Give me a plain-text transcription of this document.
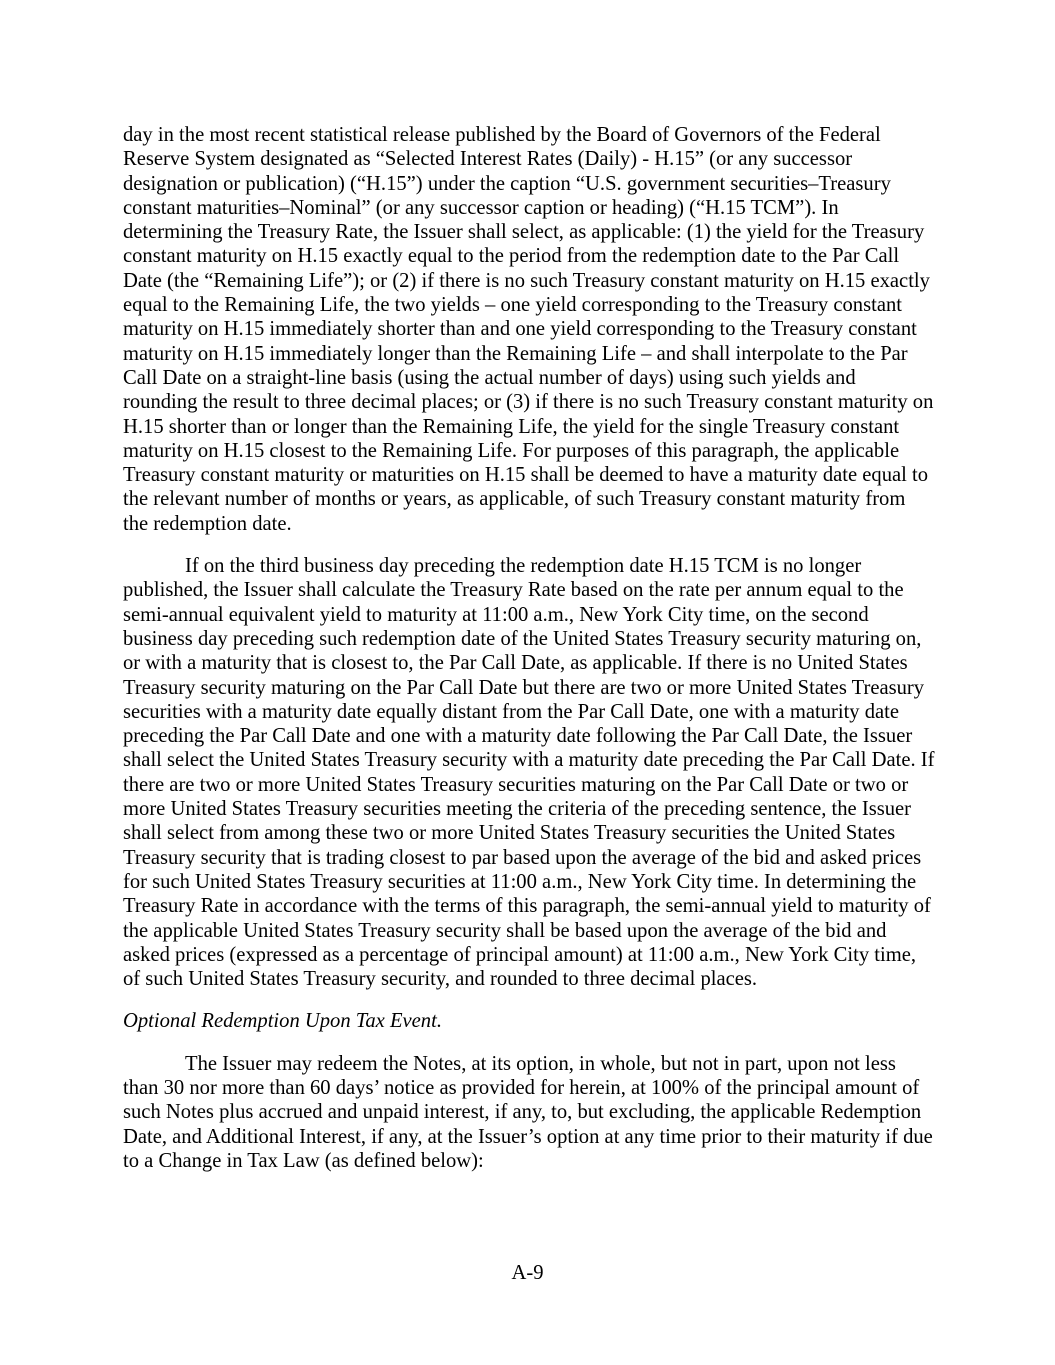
day in the most recent statistical release published by the Board of Governors of the Federal Reserve System designated as “Selected Interest Rates (Daily) - H.15” (or any successor designation or publication) (“H.15”) under the caption “U.S. government securities–Treasury constant maturities–Nominal” (or any successor caption or heading) (“H.15 TCM”). In determining the Treasury Rate, the Issuer shall select, as applicable: (1) the yield for the Treasury constant maturity on H.15 exactly equal to the period from the redemption date to the Par Call Date (the “Remaining Life”); or (2) if there is no such Treasury constant maturity on H.15 exactly equal to the Remaining Life, the two yields – one yield corresponding to the Treasury constant maturity on H.15 immediately shorter than and one yield corresponding to the Treasury constant maturity on H.15 immediately longer than the Remaining Life – and shall interpolate to the Par Call Date on a straight-line basis (using the actual number of days) using such yields and rounding the result to three decimal places; or (3) if there is no such Treasury constant maturity on H.15 shorter than or longer than the Remaining Life, the yield for the single Treasury constant maturity on H.15 closest to the Remaining Life. For purposes of this paragraph, the applicable Treasury constant maturity or maturities on H.15 shall be deemed to have a maturity date equal to the relevant number of months or years, as applicable, of such Treasury constant maturity from the redemption date.

If on the third business day preceding the redemption date H.15 TCM is no longer published, the Issuer shall calculate the Treasury Rate based on the rate per annum equal to the semi-annual equivalent yield to maturity at 11:00 a.m., New York City time, on the second business day preceding such redemption date of the United States Treasury security maturing on, or with a maturity that is closest to, the Par Call Date, as applicable. If there is no United States Treasury security maturing on the Par Call Date but there are two or more United States Treasury securities with a maturity date equally distant from the Par Call Date, one with a maturity date preceding the Par Call Date and one with a maturity date following the Par Call Date, the Issuer shall select the United States Treasury security with a maturity date preceding the Par Call Date. If there are two or more United States Treasury securities maturing on the Par Call Date or two or more United States Treasury securities meeting the criteria of the preceding sentence, the Issuer shall select from among these two or more United States Treasury securities the United States Treasury security that is trading closest to par based upon the average of the bid and asked prices for such United States Treasury securities at 11:00 a.m., New York City time. In determining the Treasury Rate in accordance with the terms of this paragraph, the semi-annual yield to maturity of the applicable United States Treasury security shall be based upon the average of the bid and asked prices (expressed as a percentage of principal amount) at 11:00 a.m., New York City time, of such United States Treasury security, and rounded to three decimal places.

Optional Redemption Upon Tax Event.

The Issuer may redeem the Notes, at its option, in whole, but not in part, upon not less than 30 nor more than 60 days’ notice as provided for herein, at 100% of the principal amount of such Notes plus accrued and unpaid interest, if any, to, but excluding, the applicable Redemption Date, and Additional Interest, if any, at the Issuer’s option at any time prior to their maturity if due to a Change in Tax Law (as defined below):

A-9
